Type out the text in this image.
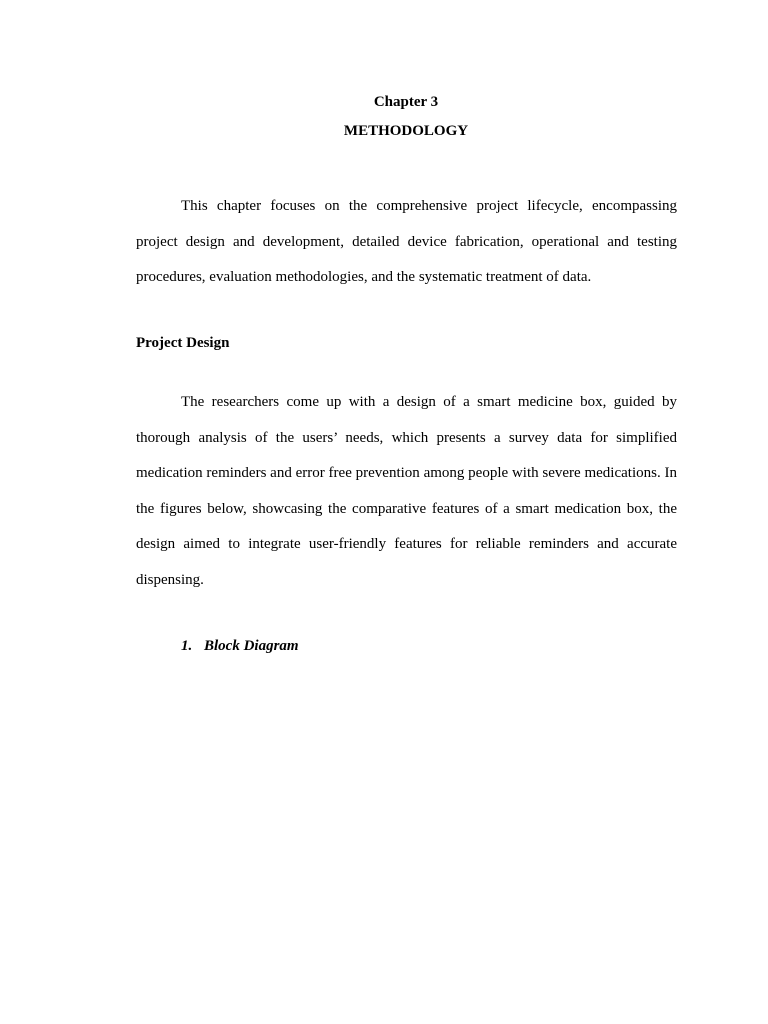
Chapter 3
METHODOLOGY

This chapter focuses on the comprehensive project lifecycle, encompassing project design and development, detailed device fabrication, operational and testing procedures, evaluation methodologies, and the systematic treatment of data.

Project Design

The researchers come up with a design of a smart medicine box, guided by thorough analysis of the users’ needs, which presents a survey data for simplified medication reminders and error free prevention among people with severe medications. In the figures below, showcasing the comparative features of a smart medication box, the design aimed to integrate user-friendly features for reliable reminders and accurate dispensing.

1. Block Diagram
